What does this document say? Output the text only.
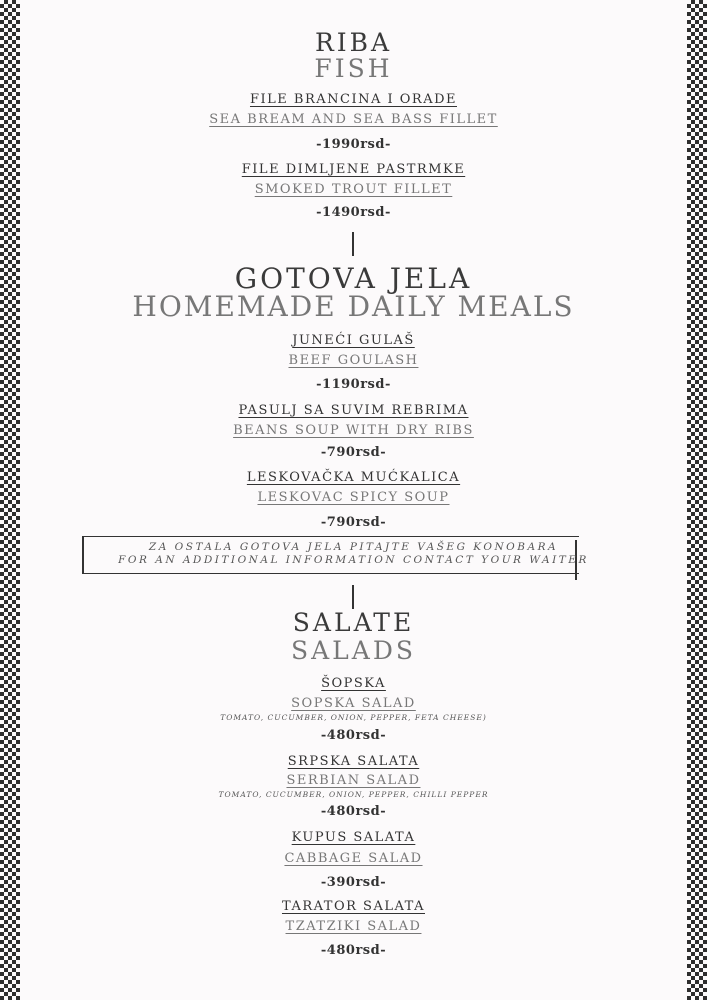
RIBA
FISH
FILE BRANCINA I ORADE
SEA BREAM AND SEA BASS FILLET
-1990rsd-
FILE DIMLJENE PASTRMKE
SMOKED TROUT FILLET
-1490rsd-
GOTOVA JELA
HOMEMADE DAILY MEALS
JUNEĆI GULAŠ
BEEF GOULASH
-1190rsd-
PASULJ SA SUVIM REBRIMA
BEANS SOUP WITH DRY RIBS
-790rsd-
LESKOVAČKA MUĆKALICA
LESKOVAC SPICY SOUP
-790rsd-
ZA OSTALA GOTOVA JELA PITAJTE VAŠEG KONOBARA
FOR AN ADDITIONAL INFORMATION CONTACT YOUR WAITER
SALATE
SALADS
ŠOPSKA
SOPSKA SALAD
TOMATO, CUCUMBER, ONION, PEPPER, FETA CHEESE)
-480rsd-
SRPSKA SALATA
SERBIAN SALAD
TOMATO, CUCUMBER, ONION, PEPPER, CHILLI PEPPER
-480rsd-
KUPUS SALATA
CABBAGE SALAD
-390rsd-
TARATOR SALATA
TZATZIKI SALAD
-480rsd-
